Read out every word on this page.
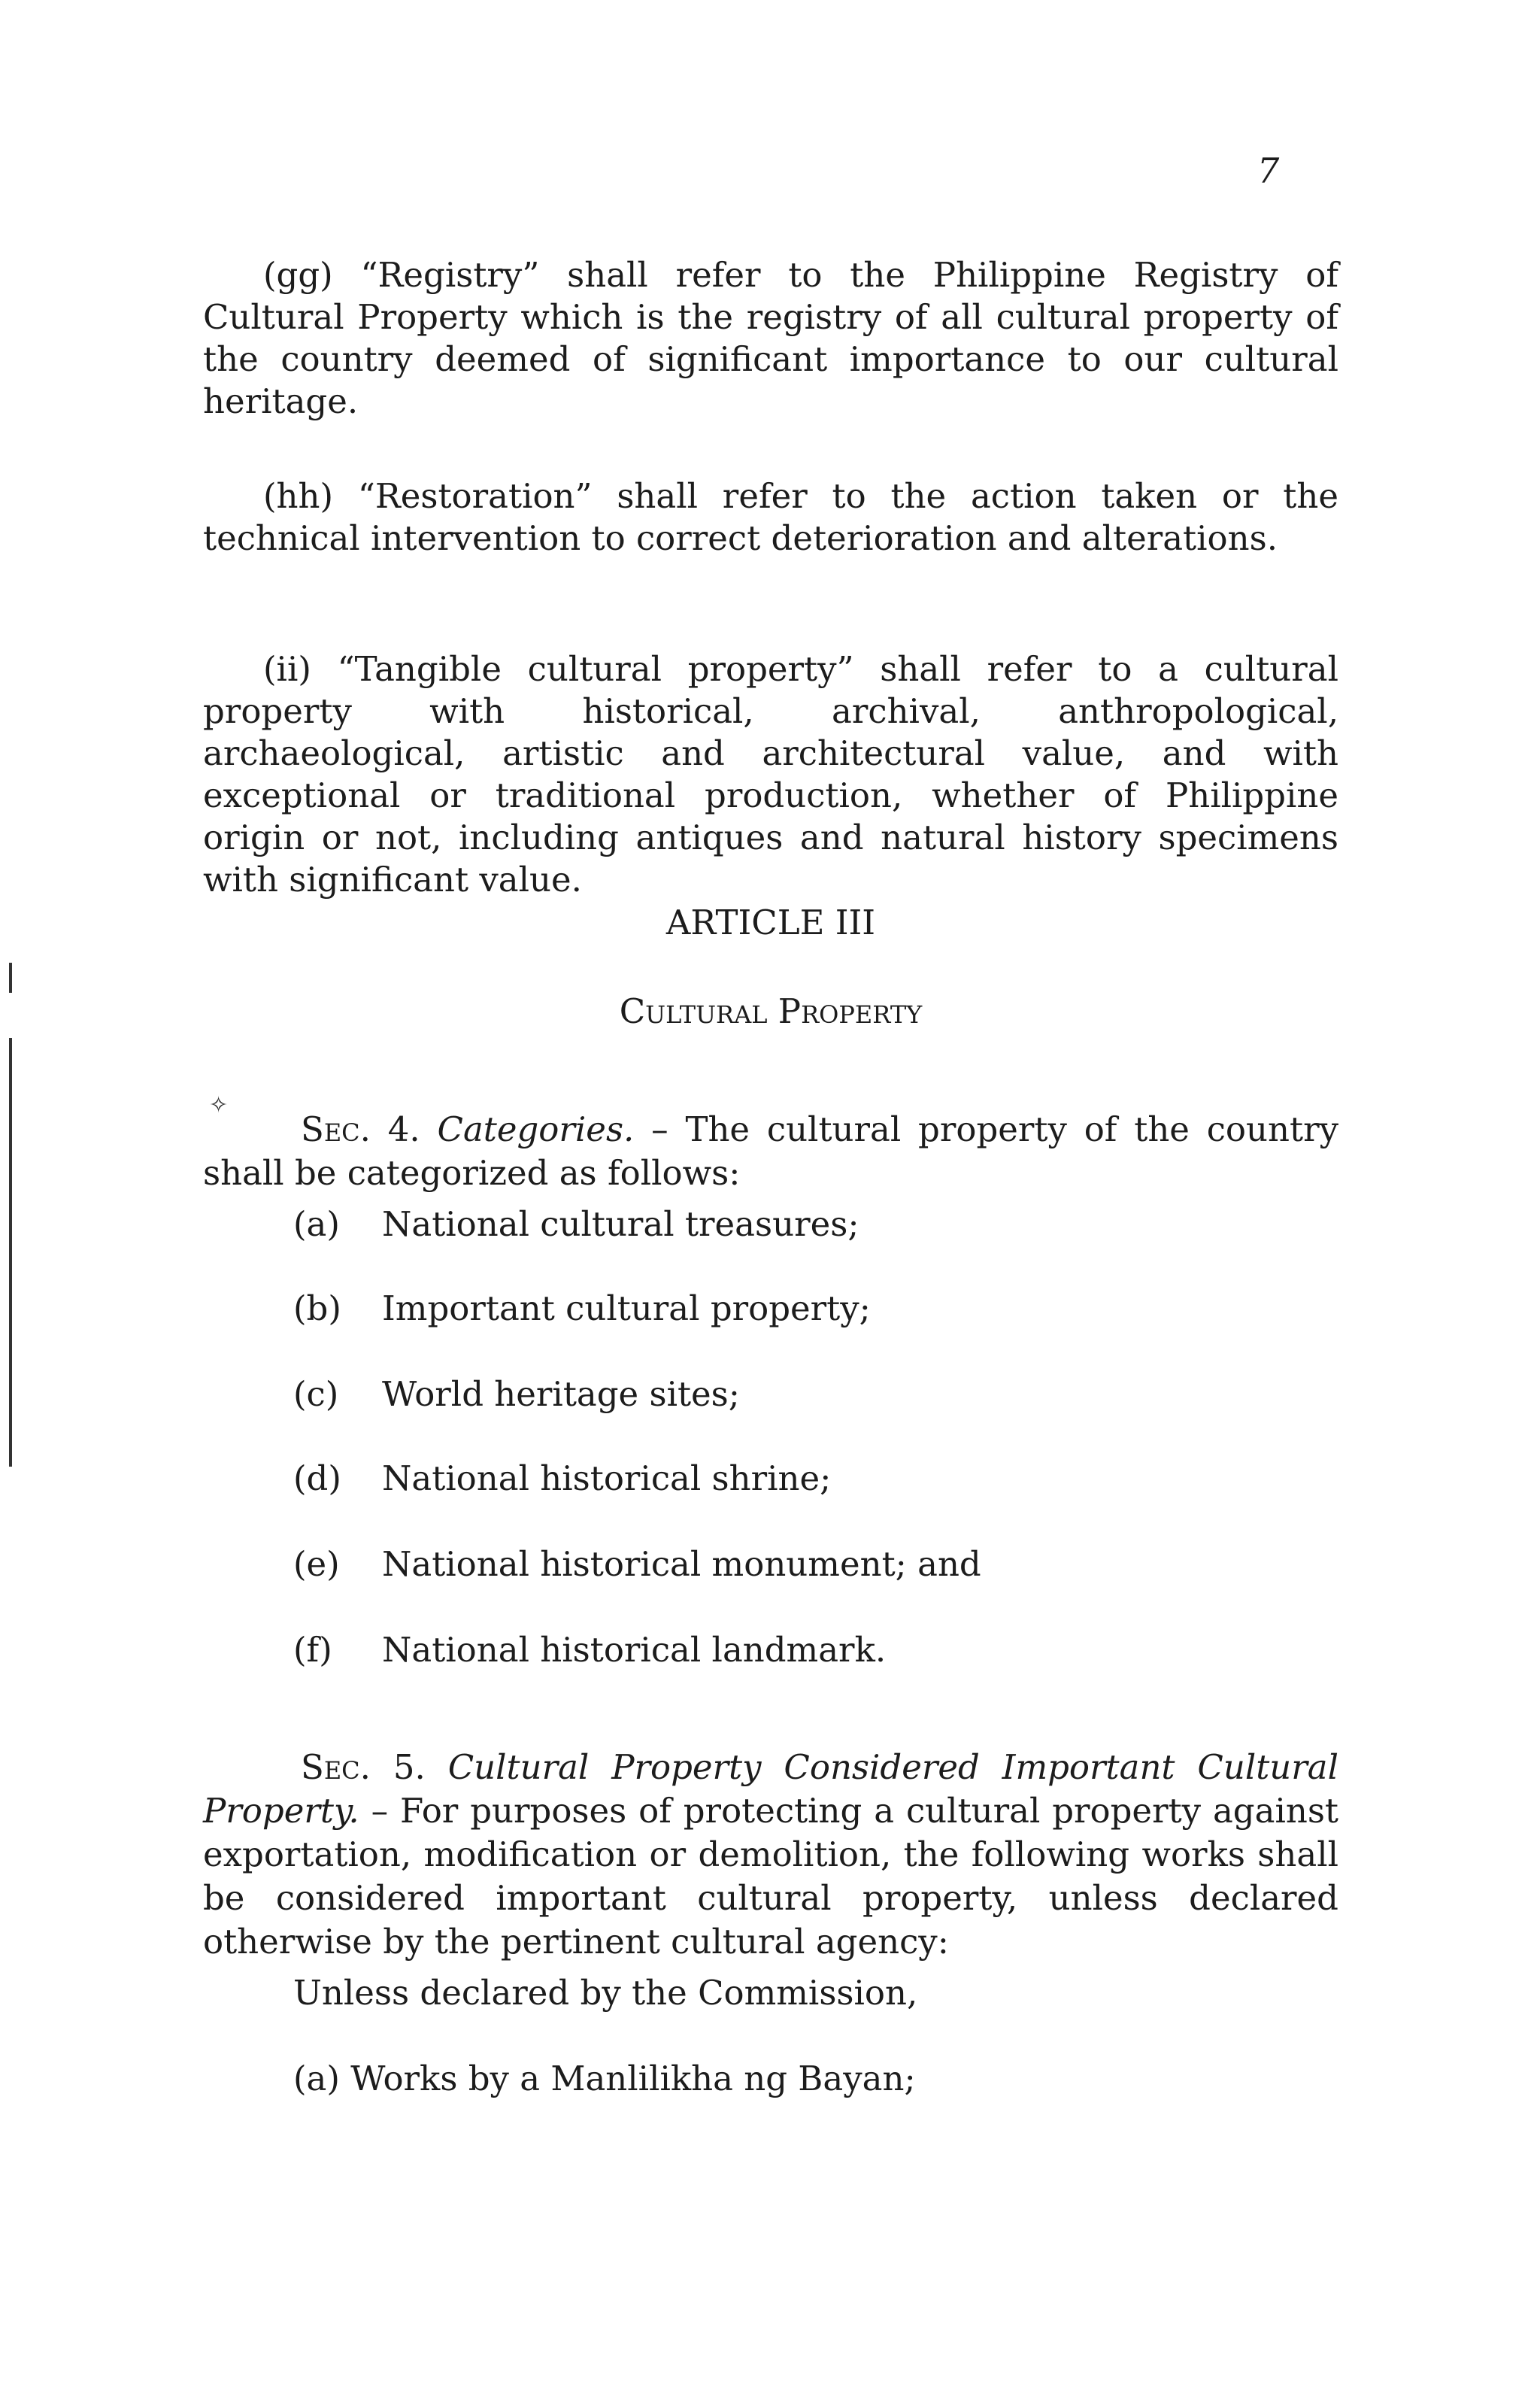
7

(gg) “Registry” shall refer to the Philippine Registry of Cultural Property which is the registry of all cultural property of the country deemed of significant importance to our cultural heritage.

(hh) “Restoration” shall refer to the action taken or the technical intervention to correct deterioration and alterations.

(ii) “Tangible cultural property” shall refer to a cultural property with historical, archival, anthropological, archaeological, artistic and architectural value, and with exceptional or traditional production, whether of Philippine origin or not, including antiques and natural history specimens with significant value.

ARTICLE III
Cultural Property
✧

Sec. 4. Categories. – The cultural property of the country shall be categorized as follows:

(a) National cultural treasures;
(b) Important cultural property;
(c) World heritage sites;
(d) National historical shrine;
(e) National historical monument; and
(f) National historical landmark.

Sec. 5. Cultural Property Considered Important Cultural Property. – For purposes of protecting a cultural property against exportation, modification or demolition, the following works shall be considered important cultural property, unless declared otherwise by the pertinent cultural agency:

Unless declared by the Commission,
(a) Works by a Manlilikha ng Bayan;
